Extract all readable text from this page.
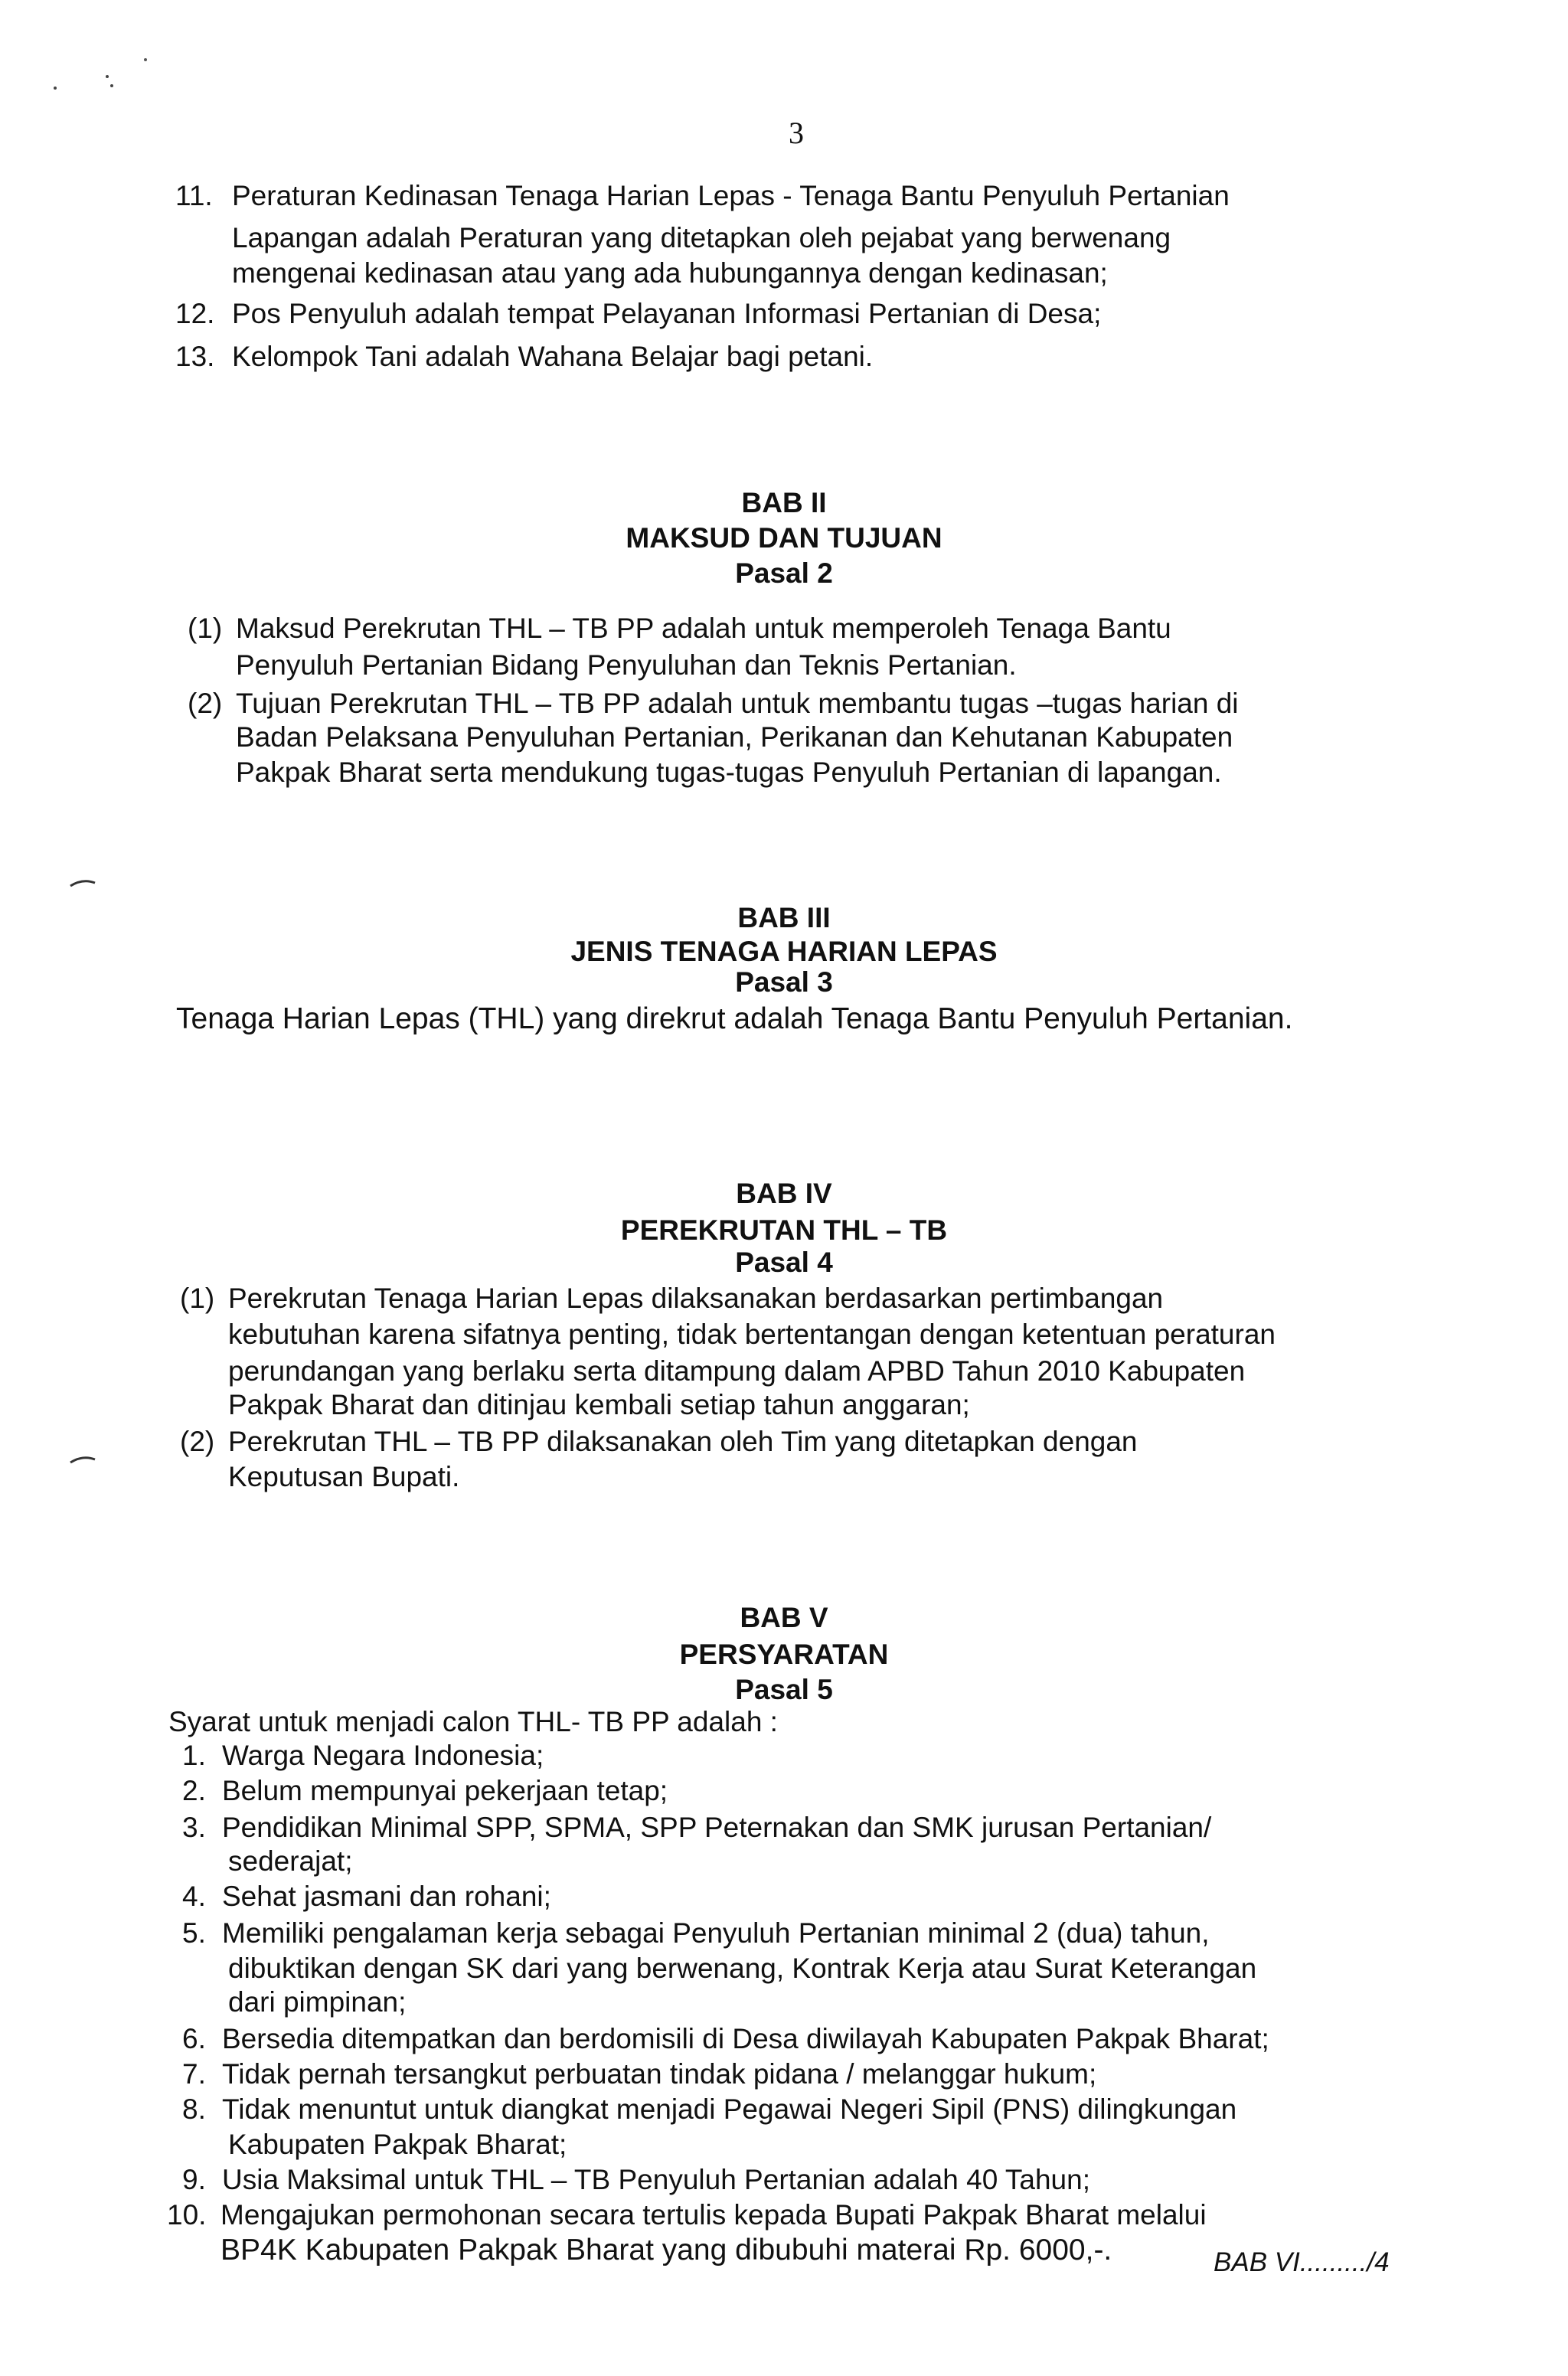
3
11. Peraturan Kedinasan Tenaga Harian Lepas - Tenaga Bantu Penyuluh Pertanian
Lapangan adalah Peraturan yang ditetapkan oleh pejabat yang berwenang
mengenai kedinasan atau yang ada hubungannya dengan kedinasan;
12. Pos Penyuluh adalah tempat Pelayanan Informasi Pertanian di Desa;
13. Kelompok Tani adalah Wahana Belajar bagi petani.
BAB II
MAKSUD DAN TUJUAN
Pasal 2
(1) Maksud Perekrutan THL – TB PP adalah untuk memperoleh Tenaga Bantu
Penyuluh Pertanian Bidang Penyuluhan dan Teknis Pertanian.
(2) Tujuan Perekrutan THL – TB PP adalah untuk membantu tugas –tugas harian di
Badan Pelaksana Penyuluhan Pertanian, Perikanan dan Kehutanan Kabupaten
Pakpak Bharat serta mendukung tugas-tugas Penyuluh Pertanian di lapangan.
BAB III
JENIS TENAGA HARIAN LEPAS
Pasal 3
Tenaga Harian Lepas (THL) yang direkrut adalah Tenaga Bantu Penyuluh Pertanian.
BAB IV
PEREKRUTAN THL – TB
Pasal 4
(1) Perekrutan Tenaga Harian Lepas dilaksanakan berdasarkan pertimbangan
kebutuhan karena sifatnya penting, tidak bertentangan dengan ketentuan peraturan
perundangan yang berlaku serta ditampung dalam APBD Tahun 2010 Kabupaten
Pakpak Bharat dan ditinjau kembali setiap tahun anggaran;
(2) Perekrutan THL – TB PP dilaksanakan oleh Tim yang ditetapkan dengan
Keputusan Bupati.
BAB V
PERSYARATAN
Pasal 5
Syarat untuk menjadi calon THL- TB PP adalah :
1. Warga Negara Indonesia;
2. Belum mempunyai pekerjaan tetap;
3. Pendidikan Minimal SPP, SPMA, SPP Peternakan dan SMK jurusan Pertanian/
sederajat;
4. Sehat jasmani dan rohani;
5. Memiliki pengalaman kerja sebagai Penyuluh Pertanian minimal 2 (dua) tahun,
dibuktikan dengan SK dari yang berwenang, Kontrak Kerja atau Surat Keterangan
dari pimpinan;
6. Bersedia ditempatkan dan berdomisili di Desa diwilayah Kabupaten Pakpak Bharat;
7. Tidak pernah tersangkut perbuatan tindak pidana / melanggar hukum;
8. Tidak menuntut untuk diangkat menjadi Pegawai Negeri Sipil (PNS) dilingkungan
Kabupaten Pakpak Bharat;
9. Usia Maksimal untuk THL – TB Penyuluh Pertanian adalah 40 Tahun;
10. Mengajukan permohonan secara tertulis kepada Bupati Pakpak Bharat melalui
BP4K Kabupaten Pakpak Bharat yang dibubuhi materai Rp. 6000,-.	BAB VI........./4
